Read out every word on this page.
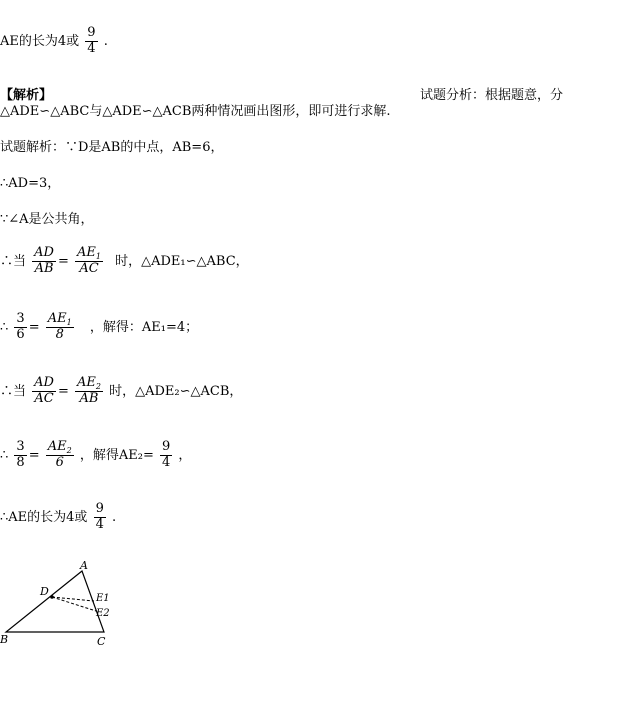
AE的长为4或 $\frac{9}{4}$ .
【解析】	试题分析：根据题意，分
△ADE∽△ABC与△ADE∽△ACB两种情况画出图形，即可进行求解.
试题解析：∵D是AB的中点，AB=6，
∴AD=3，
∵∠A是公共角，
∴当 $\frac{AD}{AB} = \frac{AE_1}{AC}$ 时，△ADE₁∽△ABC，
∴ $\frac{3}{6} = \frac{AE_1}{8}$ ，解得：AE₁=4；
∴当 $\frac{AD}{AC} = \frac{AE_2}{AB}$ 时，△ADE₂∽△ACB，
∴ $\frac{3}{8} = \frac{AE_2}{6}$ ，解得$AE_2= \frac{9}{4}$ ，
∴AE的长为4或 $\frac{9}{4}$ .
A
B	C
D
E1
E2
